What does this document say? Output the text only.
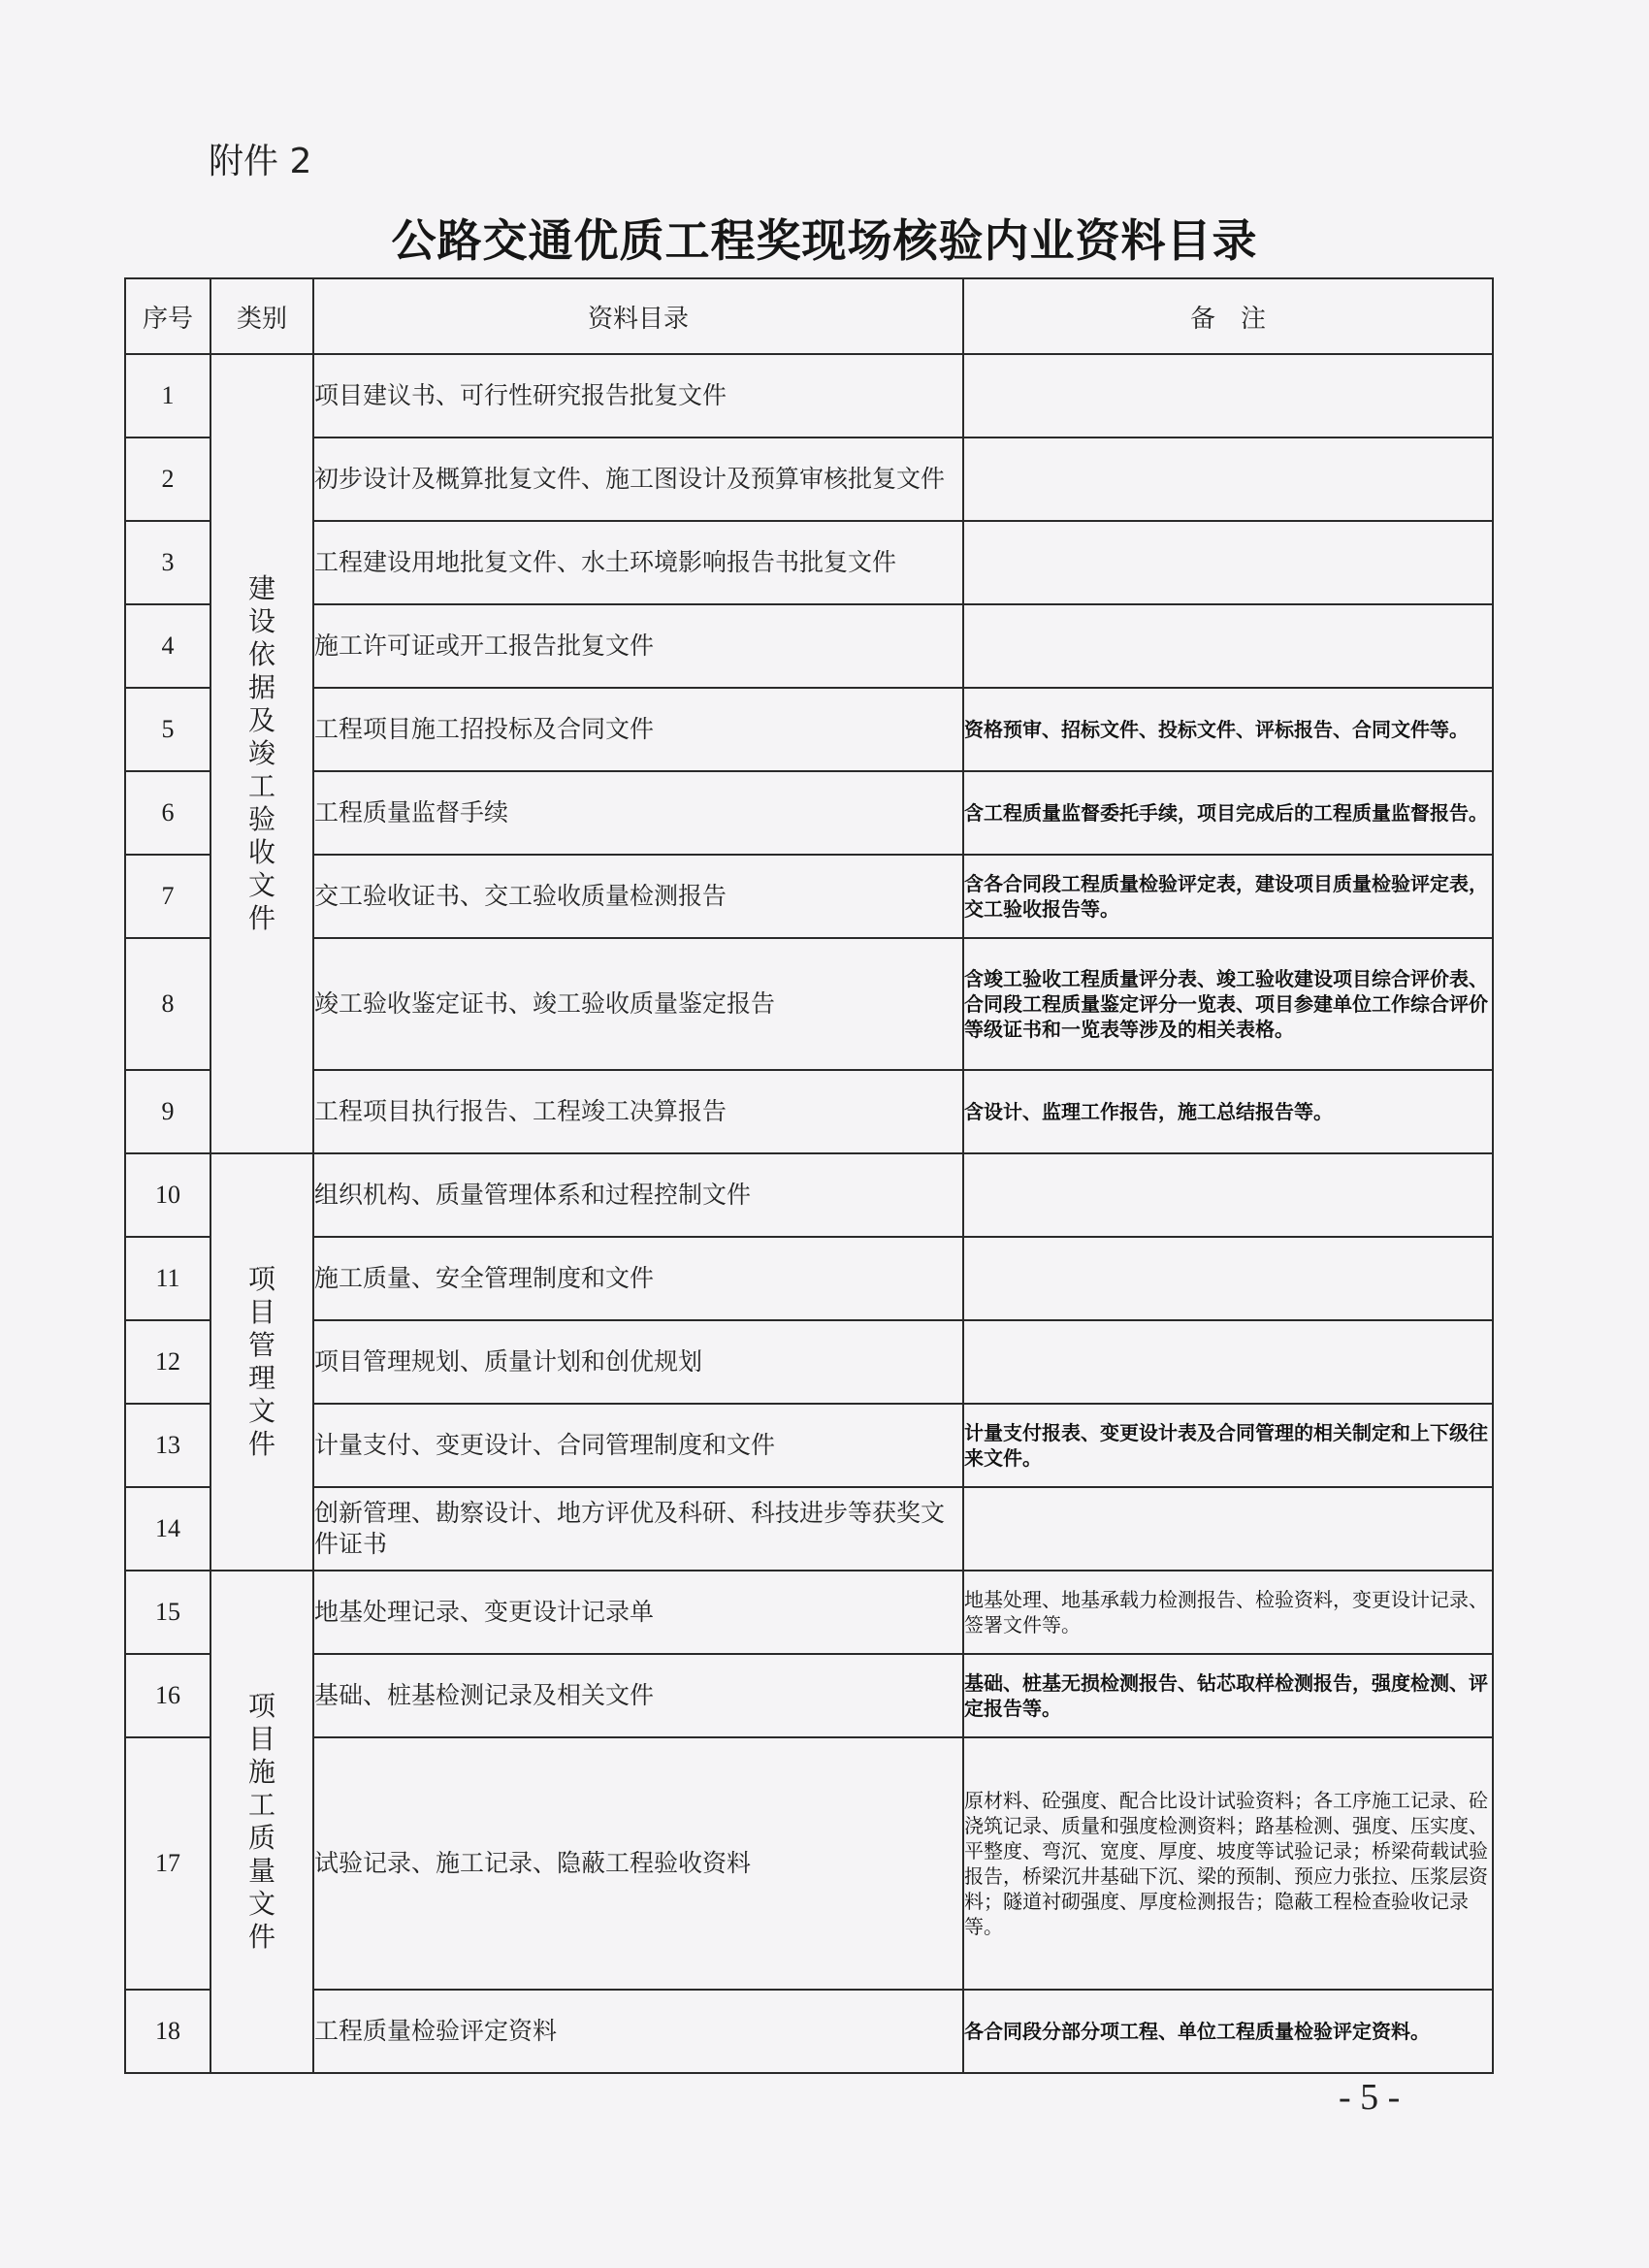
附件 2
公路交通优质工程奖现场核验内业资料目录
序号	类别	资料目录	备　注
1	建设依据及竣工验收文件	项目建议书、可行性研究报告批复文件	
2		初步设计及概算批复文件、施工图设计及预算审核批复文件	
3		工程建设用地批复文件、水土环境影响报告书批复文件	
4		施工许可证或开工报告批复文件	
5		工程项目施工招投标及合同文件	资格预审、招标文件、投标文件、评标报告、合同文件等。
6		工程质量监督手续	含工程质量监督委托手续，项目完成后的工程质量监督报告。
7		交工验收证书、交工验收质量检测报告	含各合同段工程质量检验评定表，建设项目质量检验评定表，交工验收报告等。
8		竣工验收鉴定证书、竣工验收质量鉴定报告	含竣工验收工程质量评分表、竣工验收建设项目综合评价表、合同段工程质量鉴定评分一览表、项目参建单位工作综合评价等级证书和一览表等涉及的相关表格。
9		工程项目执行报告、工程竣工决算报告	含设计、监理工作报告，施工总结报告等。
10	项目管理文件	组织机构、质量管理体系和过程控制文件	
11		施工质量、安全管理制度和文件	
12		项目管理规划、质量计划和创优规划	
13		计量支付、变更设计、合同管理制度和文件	计量支付报表、变更设计表及合同管理的相关制定和上下级往来文件。
14		创新管理、勘察设计、地方评优及科研、科技进步等获奖文件证书	
15	项目施工质量文件	地基处理记录、变更设计记录单	地基处理、地基承载力检测报告、检验资料，变更设计记录、签署文件等。
16		基础、桩基检测记录及相关文件	基础、桩基无损检测报告、钻芯取样检测报告，强度检测、评定报告等。
17		试验记录、施工记录、隐蔽工程验收资料	原材料、砼强度、配合比设计试验资料；各工序施工记录、砼浇筑记录、质量和强度检测资料；路基检测、强度、压实度、平整度、弯沉、宽度、厚度、坡度等试验记录；桥梁荷载试验报告，桥梁沉井基础下沉、梁的预制、预应力张拉、压浆层资料；隧道衬砌强度、厚度检测报告；隐蔽工程检查验收记录等。
18		工程质量检验评定资料	各合同段分部分项工程、单位工程质量检验评定资料。
- 5 -
